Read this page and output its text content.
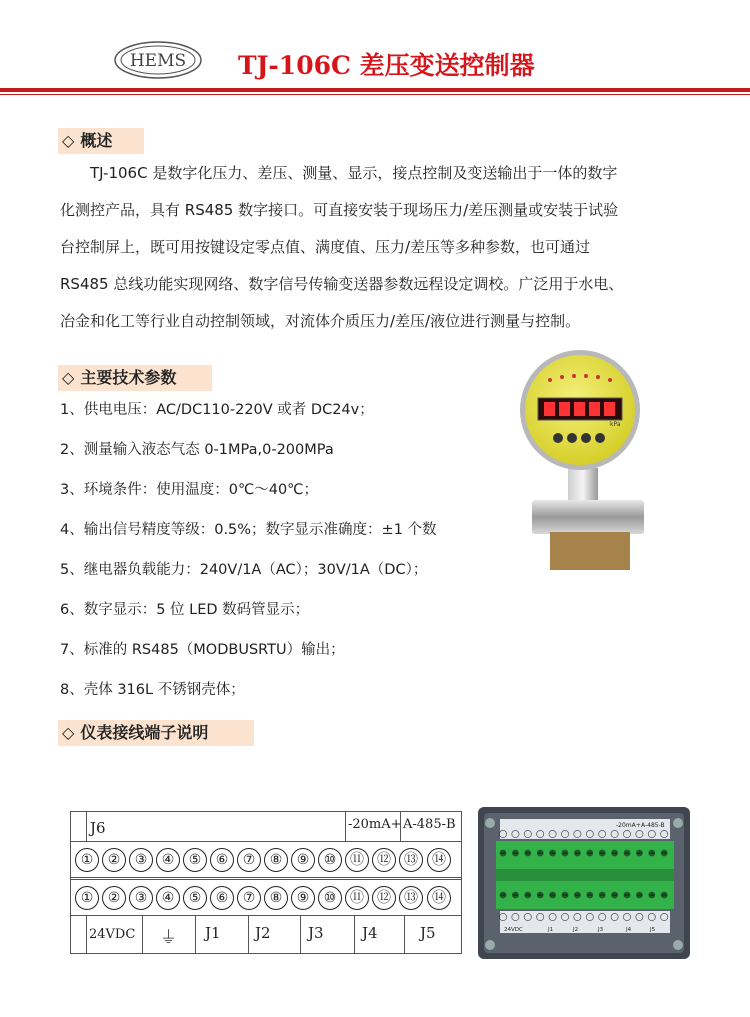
HEMS TJ-106C 差压变送控制器
◇ 概述

TJ-106C 是数字化压力、差压、测量、显示，接点控制及变送输出于一体的数字

化测控产品，具有 RS485 数字接口。可直接安装于现场压力/差压测量或安装于试验

台控制屏上，既可用按键设定零点值、满度值、压力/差压等多种参数，也可通过

RS485 总线功能实现网络、数字信号传输变送器参数远程设定调校。广泛用于水电、

冶金和化工等行业自动控制领域，对流体介质压力/差压/液位进行测量与控制。

◇ 主要技术参数
1、供电电压：AC/DC110-220V 或者 DC24v；
2、测量输入液态气态 0-1MPa,0-200MPa
3、环境条件：使用温度：0℃～40℃；
4、输出信号精度等级：0.5%；数字显示准确度：±1 个数
5、继电器负载能力：240V/1A（AC）；30V/1A（DC）；
6、数字显示：5 位 LED 数码管显示；
7、标准的 RS485（MODBUSRTU）输出；
8、壳体 316L 不锈钢壳体；
kPa
◇ 仪表接线端子说明
J6	-20mA+ A-485-B
①	②	③	④	⑤	⑥	⑦	⑧	⑨	⑩ ⑪ ⑫ ⑬	⑭
①	②	③	④	⑤	⑥	⑦	⑧	⑨	⑩ ⑪ ⑫ ⑬	⑭
24VDC ⏚ J1 J2 J3	J4	J5
-20mA+ A-485-B
24VDC	J1	J2	J3	J4	J5
